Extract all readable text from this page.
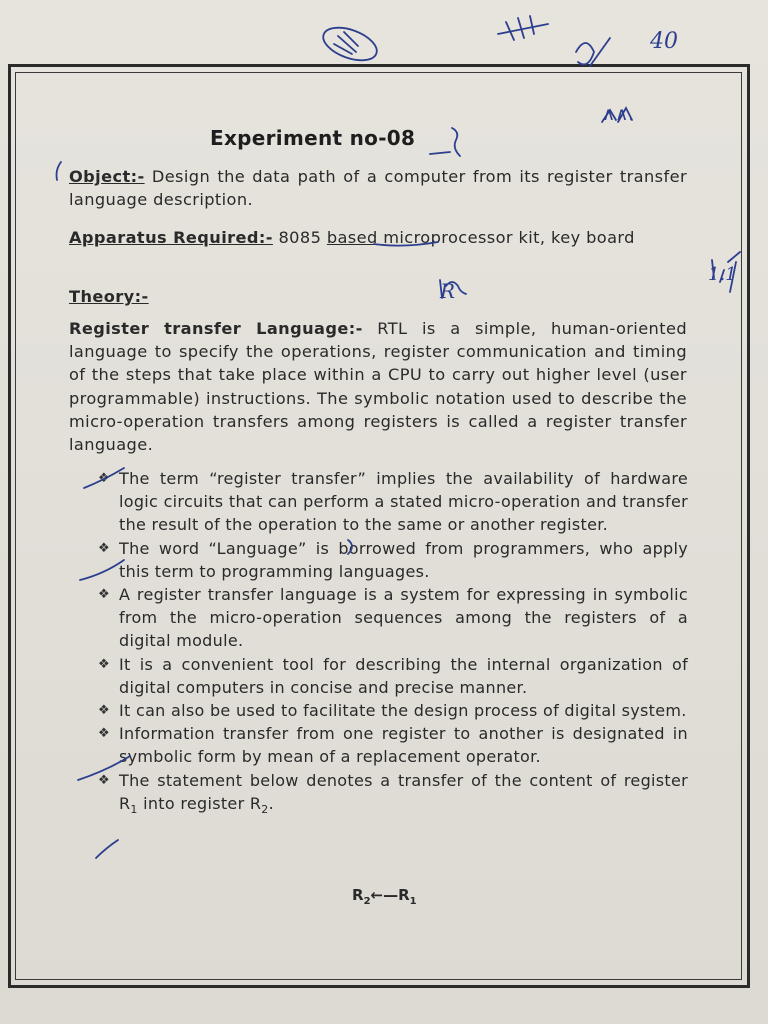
Experiment no-08
Object:- Design the data path of a computer from its register transfer language description.
Apparatus Required:- 8085 based microprocessor kit, key board
Theory:-
Register transfer Language:- RTL is a simple, human-oriented language to specify the operations, register communication and timing of the steps that take place within a CPU to carry out higher level (user programmable) instructions. The symbolic notation used to describe the micro-operation transfers among registers is called a register transfer language.
❖ The term “register transfer” implies the availability of hardware logic circuits that can perform a stated micro-operation and transfer the result of the operation to the same or another register.
❖ The word “Language” is borrowed from programmers, who apply this term to programming languages.
❖ A register transfer language is a system for expressing in symbolic from the micro-operation sequences among the registers of a digital module.
❖ It is a convenient tool for describing the internal organization of digital computers in concise and precise manner.
❖ It can also be used to facilitate the design process of digital system.
❖ Information transfer from one register to another is designated in symbolic form by mean of a replacement operator.
❖ The statement below denotes a transfer of the content of register $R_1$ into register $R_2$.
$R_2\leftarrow—R_1$
40
1.1
∧∧.
R
